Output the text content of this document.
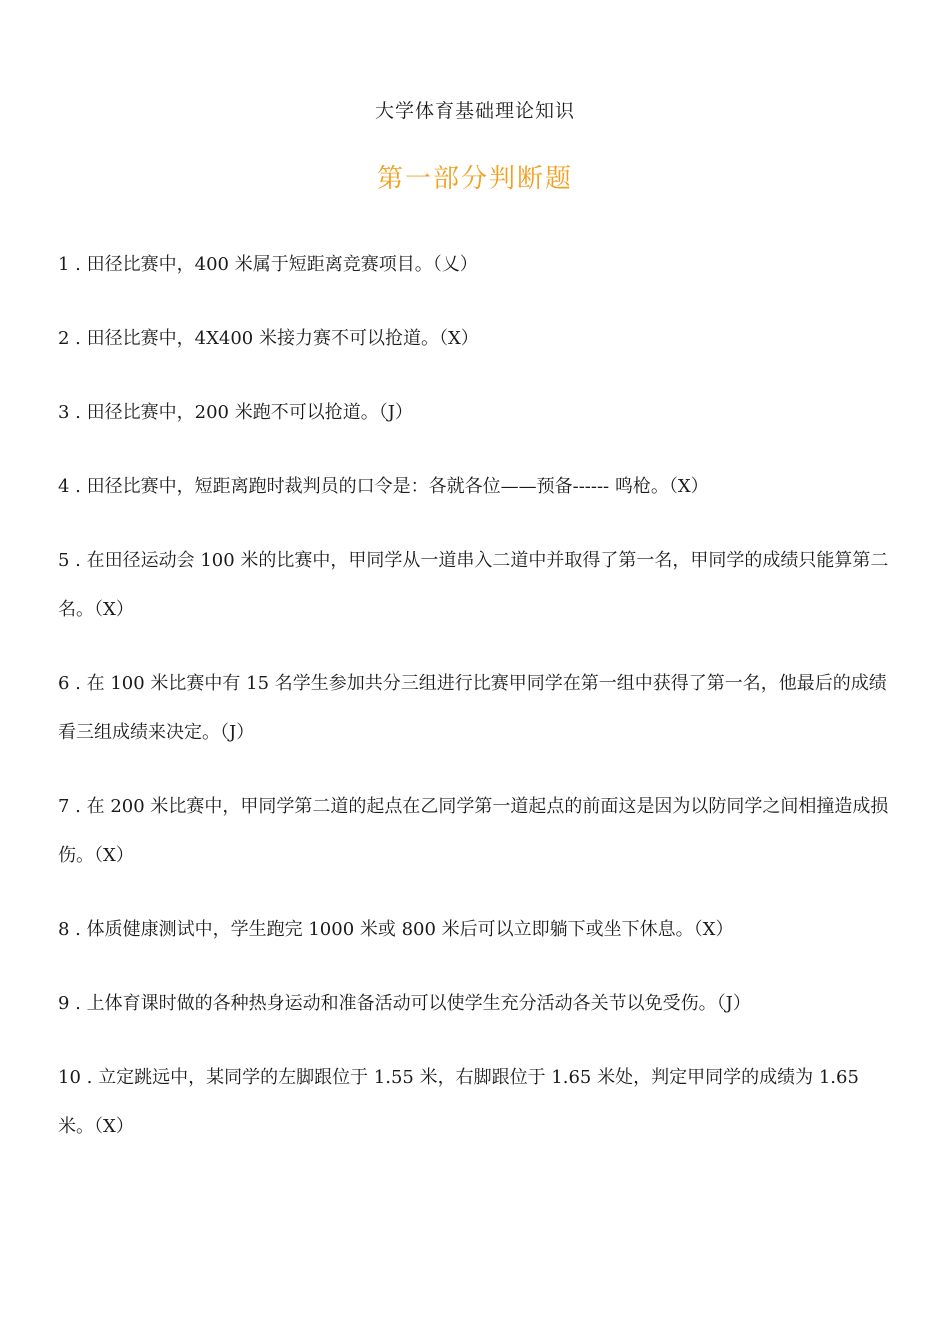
大学体育基础理论知识
第一部分判断题
1 . 田径比赛中，400 米属于短距离竞赛项目。（乂）
2 . 田径比赛中，4X400 米接力赛不可以抢道。（X）
3 . 田径比赛中，200 米跑不可以抢道。（J）
4 . 田径比赛中，短距离跑时裁判员的口令是：各就各位——预备------ 鸣枪。（X）
5 . 在田径运动会 100 米的比赛中，甲同学从一道串入二道中并取得了第一名，甲同学的成绩只能算第二名。（X）
6 . 在 100 米比赛中有 15 名学生参加共分三组进行比赛甲同学在第一组中获得了第一名，他最后的成绩看三组成绩来决定。（J）
7 . 在 200 米比赛中，甲同学第二道的起点在乙同学第一道起点的前面这是因为以防同学之间相撞造成损伤。（X）
8 . 体质健康测试中，学生跑完 1000 米或 800 米后可以立即躺下或坐下休息。（X）
9 . 上体育课时做的各种热身运动和准备活动可以使学生充分活动各关节以免受伤。（J）
10 . 立定跳远中，某同学的左脚跟位于 1.55 米，右脚跟位于 1.65 米处，判定甲同学的成绩为 1.65 米。（X）
